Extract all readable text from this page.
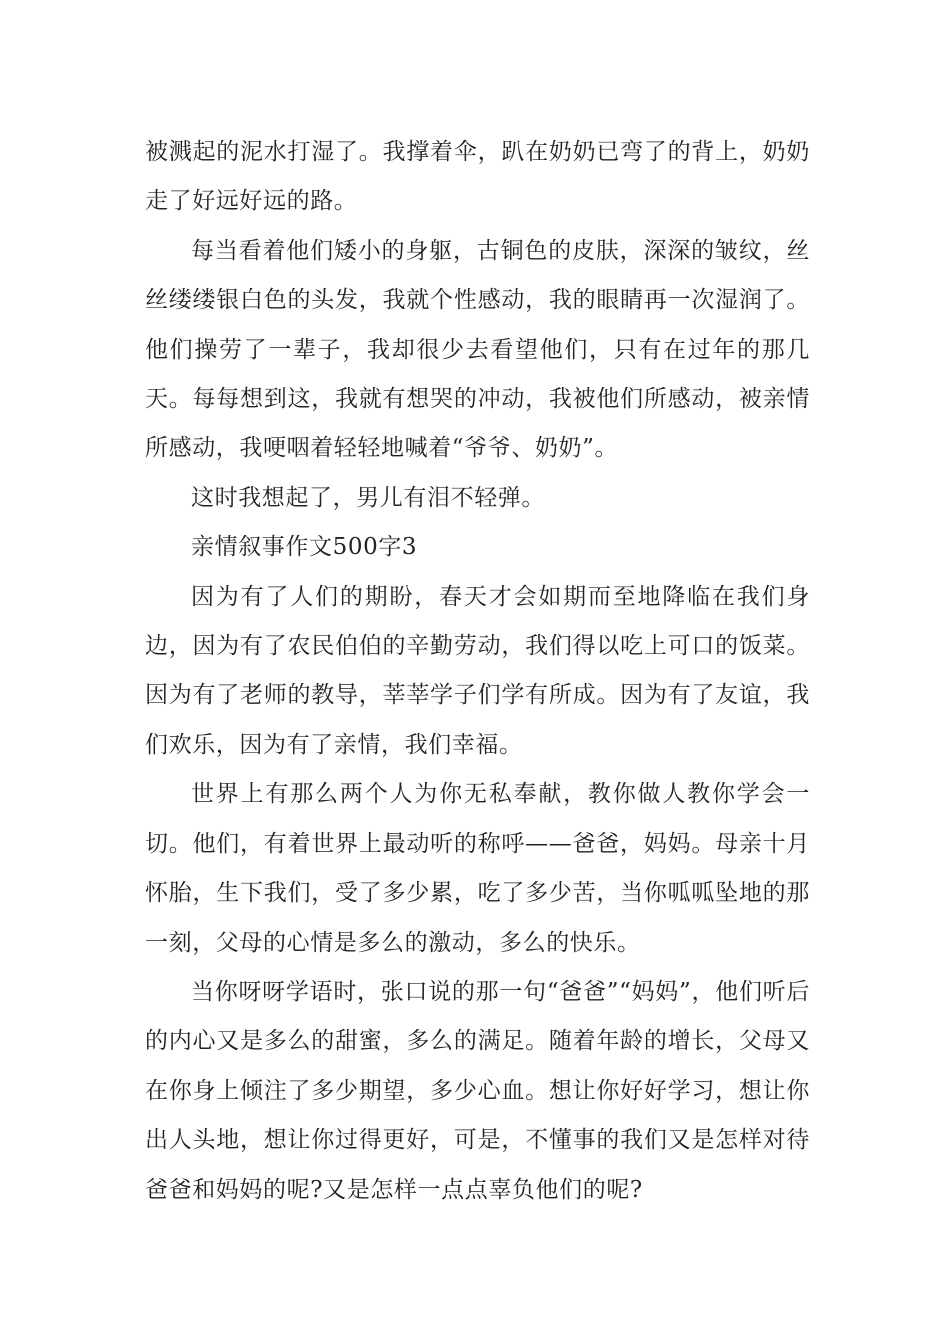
被溅起的泥水打湿了。我撑着伞，趴在奶奶已弯了的背上，奶奶走了好远好远的路。

每当看着他们矮小的身躯，古铜色的皮肤，深深的皱纹，丝丝缕缕银白色的头发，我就个性感动，我的眼睛再一次湿润了。他们操劳了一辈子，我却很少去看望他们，只有在过年的那几天。每每想到这，我就有想哭的冲动，我被他们所感动，被亲情所感动，我哽咽着轻轻地喊着“爷爷、奶奶”。

这时我想起了，男儿有泪不轻弹。

亲情叙事作文500字3

因为有了人们的期盼，春天才会如期而至地降临在我们身边，因为有了农民伯伯的辛勤劳动，我们得以吃上可口的饭菜。因为有了老师的教导，莘莘学子们学有所成。因为有了友谊，我们欢乐，因为有了亲情，我们幸福。

世界上有那么两个人为你无私奉献，教你做人教你学会一切。他们，有着世界上最动听的称呼——爸爸，妈妈。母亲十月怀胎，生下我们，受了多少累，吃了多少苦，当你呱呱坠地的那一刻，父母的心情是多么的激动，多么的快乐。

当你呀呀学语时，张口说的那一句“爸爸”“妈妈”，他们听后的内心又是多么的甜蜜，多么的满足。随着年龄的增长，父母又在你身上倾注了多少期望，多少心血。想让你好好学习，想让你出人头地，想让你过得更好，可是，不懂事的我们又是怎样对待爸爸和妈妈的呢?又是怎样一点点辜负他们的呢?
